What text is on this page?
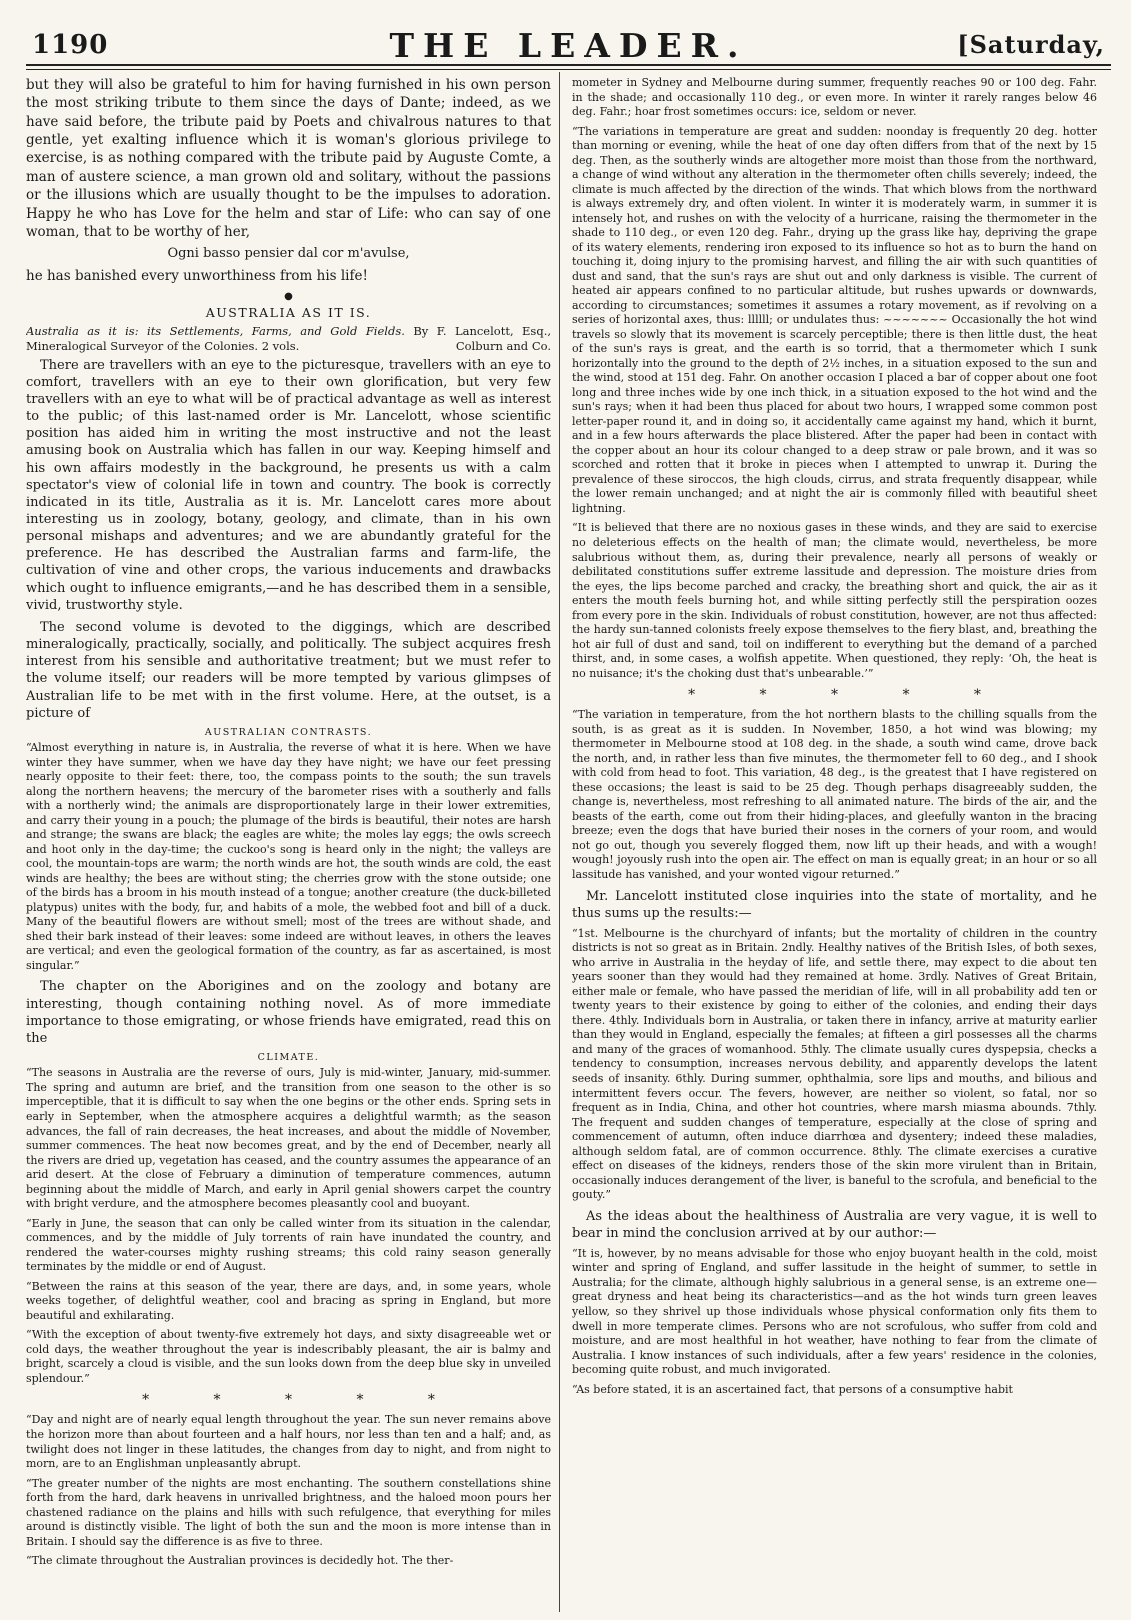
1190	THE LEADER.	[Saturday,

but they will also be grateful to him for having furnished in his own person the most striking tribute to them since the days of Dante; indeed, as we have said before, the tribute paid by Poets and chivalrous natures to that gentle, yet exalting influence which it is woman's glorious privilege to exercise, is as nothing compared with the tribute paid by Auguste Comte, a man of austere science, a man grown old and solitary, without the passions or the illusions which are usually thought to be the impulses to adoration. Happy he who has Love for the helm and star of Life: who can say of one woman, that to be worthy of her,

Ogni basso pensier dal cor m'avulse,

he has banished every unworthiness from his life!

●
AUSTRALIA AS IT IS.
Australia as it is: its Settlements, Farms, and Gold Fields. By F. Lancelott, Esq., Mineralogical Surveyor of the Colonies. 2 vols.	Colburn and Co.

There are travellers with an eye to the picturesque, travellers with an eye to comfort, travellers with an eye to their own glorification, but very few travellers with an eye to what will be of practical advantage as well as interest to the public; of this last-named order is Mr. Lancelott, whose scientific position has aided him in writing the most instructive and not the least amusing book on Australia which has fallen in our way. Keeping himself and his own affairs modestly in the background, he presents us with a calm spectator's view of colonial life in town and country. The book is correctly indicated in its title, Australia as it is. Mr. Lancelott cares more about interesting us in zoology, botany, geology, and climate, than in his own personal mishaps and adventures; and we are abundantly grateful for the preference. He has described the Australian farms and farm-life, the cultivation of vine and other crops, the various inducements and drawbacks which ought to influence emigrants,—and he has described them in a sensible, vivid, trustworthy style.

The second volume is devoted to the diggings, which are described mineralogically, practically, socially, and politically. The subject acquires fresh interest from his sensible and authoritative treatment; but we must refer to the volume itself; our readers will be more tempted by various glimpses of Australian life to be met with in the first volume. Here, at the outset, is a picture of

AUSTRALIAN CONTRASTS.

“Almost everything in nature is, in Australia, the reverse of what it is here. When we have winter they have summer, when we have day they have night; we have our feet pressing nearly opposite to their feet: there, too, the compass points to the south; the sun travels along the northern heavens; the mercury of the barometer rises with a southerly and falls with a northerly wind; the animals are disproportionately large in their lower extremities, and carry their young in a pouch; the plumage of the birds is beautiful, their notes are harsh and strange; the swans are black; the eagles are white; the moles lay eggs; the owls screech and hoot only in the day-time; the cuckoo's song is heard only in the night; the valleys are cool, the mountain-tops are warm; the north winds are hot, the south winds are cold, the east winds are healthy; the bees are without sting; the cherries grow with the stone outside; one of the birds has a broom in his mouth instead of a tongue; another creature (the duck-billeted platypus) unites with the body, fur, and habits of a mole, the webbed foot and bill of a duck. Many of the beautiful flowers are without smell; most of the trees are without shade, and shed their bark instead of their leaves: some indeed are without leaves, in others the leaves are vertical; and even the geological formation of the country, as far as ascertained, is most singular.”

The chapter on the Aborigines and on the zoology and botany are interesting, though containing nothing novel. As of more immediate importance to those emigrating, or whose friends have emigrated, read this on the

CLIMATE.

“The seasons in Australia are the reverse of ours, July is mid-winter, January, mid-summer. The spring and autumn are brief, and the transition from one season to the other is so imperceptible, that it is difficult to say when the one begins or the other ends. Spring sets in early in September, when the atmosphere acquires a delightful warmth; as the season advances, the fall of rain decreases, the heat increases, and about the middle of November, summer commences. The heat now becomes great, and by the end of December, nearly all the rivers are dried up, vegetation has ceased, and the country assumes the appearance of an arid desert. At the close of February a diminution of temperature commences, autumn beginning about the middle of March, and early in April genial showers carpet the country with bright verdure, and the atmosphere becomes pleasantly cool and buoyant.

“Early in June, the season that can only be called winter from its situation in the calendar, commences, and by the middle of July torrents of rain have inundated the country, and rendered the water-courses mighty rushing streams; this cold rainy season generally terminates by the middle or end of August.

“Between the rains at this season of the year, there are days, and, in some years, whole weeks together, of delightful weather, cool and bracing as spring in England, but more beautiful and exhilarating.

“With the exception of about twenty-five extremely hot days, and sixty disagreeable wet or cold days, the weather throughout the year is indescribably pleasant, the air is balmy and bright, scarcely a cloud is visible, and the sun looks down from the deep blue sky in unveiled splendour.”

* * * * *

“Day and night are of nearly equal length throughout the year. The sun never remains above the horizon more than about fourteen and a half hours, nor less than ten and a half; and, as twilight does not linger in these latitudes, the changes from day to night, and from night to morn, are to an Englishman unpleasantly abrupt.

“The greater number of the nights are most enchanting. The southern constellations shine forth from the hard, dark heavens in unrivalled brightness, and the haloed moon pours her chastened radiance on the plains and hills with such refulgence, that everything for miles around is distinctly visible. The light of both the sun and the moon is more intense than in Britain. I should say the difference is as five to three.

“The climate throughout the Australian provinces is decidedly hot. The ther-

mometer in Sydney and Melbourne during summer, frequently reaches 90 or 100 deg. Fahr. in the shade; and occasionally 110 deg., or even more. In winter it rarely ranges below 46 deg. Fahr.; hoar frost sometimes occurs: ice, seldom or never.

“The variations in temperature are great and sudden: noonday is frequently 20 deg. hotter than morning or evening, while the heat of one day often differs from that of the next by 15 deg. Then, as the southerly winds are altogether more moist than those from the northward, a change of wind without any alteration in the thermometer often chills severely; indeed, the climate is much affected by the direction of the winds. That which blows from the northward is always extremely dry, and often violent. In winter it is moderately warm, in summer it is intensely hot, and rushes on with the velocity of a hurricane, raising the thermometer in the shade to 110 deg., or even 120 deg. Fahr., drying up the grass like hay, depriving the grape of its watery elements, rendering iron exposed to its influence so hot as to burn the hand on touching it, doing injury to the promising harvest, and filling the air with such quantities of dust and sand, that the sun's rays are shut out and only darkness is visible. The current of heated air appears confined to no particular altitude, but rushes upwards or downwards, according to circumstances; sometimes it assumes a rotary movement, as if revolving on a series of horizontal axes, thus: llllll; or undulates thus: ~~~~~~~ Occasionally the hot wind travels so slowly that its movement is scarcely perceptible; there is then little dust, the heat of the sun's rays is great, and the earth is so torrid, that a thermometer which I sunk horizontally into the ground to the depth of 2½ inches, in a situation exposed to the sun and the wind, stood at 151 deg. Fahr. On another occasion I placed a bar of copper about one foot long and three inches wide by one inch thick, in a situation exposed to the hot wind and the sun's rays; when it had been thus placed for about two hours, I wrapped some common post letter-paper round it, and in doing so, it accidentally came against my hand, which it burnt, and in a few hours afterwards the place blistered. After the paper had been in contact with the copper about an hour its colour changed to a deep straw or pale brown, and it was so scorched and rotten that it broke in pieces when I attempted to unwrap it. During the prevalence of these siroccos, the high clouds, cirrus, and strata frequently disappear, while the lower remain unchanged; and at night the air is commonly filled with beautiful sheet lightning.

“It is believed that there are no noxious gases in these winds, and they are said to exercise no deleterious effects on the health of man; the climate would, nevertheless, be more salubrious without them, as, during their prevalence, nearly all persons of weakly or debilitated constitutions suffer extreme lassitude and depression. The moisture dries from the eyes, the lips become parched and cracky, the breathing short and quick, the air as it enters the mouth feels burning hot, and while sitting perfectly still the perspiration oozes from every pore in the skin. Individuals of robust constitution, however, are not thus affected: the hardy sun-tanned colonists freely expose themselves to the fiery blast, and, breathing the hot air full of dust and sand, toil on indifferent to everything but the demand of a parched thirst, and, in some cases, a wolfish appetite. When questioned, they reply: ‘Oh, the heat is no nuisance; it's the choking dust that's unbearable.’”

* * * * *

“The variation in temperature, from the hot northern blasts to the chilling squalls from the south, is as great as it is sudden. In November, 1850, a hot wind was blowing; my thermometer in Melbourne stood at 108 deg. in the shade, a south wind came, drove back the north, and, in rather less than five minutes, the thermometer fell to 60 deg., and I shook with cold from head to foot. This variation, 48 deg., is the greatest that I have registered on these occasions; the least is said to be 25 deg. Though perhaps disagreeably sudden, the change is, nevertheless, most refreshing to all animated nature. The birds of the air, and the beasts of the earth, come out from their hiding-places, and gleefully wanton in the bracing breeze; even the dogs that have buried their noses in the corners of your room, and would not go out, though you severely flogged them, now lift up their heads, and with a wough! wough! joyously rush into the open air. The effect on man is equally great; in an hour or so all lassitude has vanished, and your wonted vigour returned.”

Mr. Lancelott instituted close inquiries into the state of mortality, and he thus sums up the results:—

“1st. Melbourne is the churchyard of infants; but the mortality of children in the country districts is not so great as in Britain. 2ndly. Healthy natives of the British Isles, of both sexes, who arrive in Australia in the heyday of life, and settle there, may expect to die about ten years sooner than they would had they remained at home. 3rdly. Natives of Great Britain, either male or female, who have passed the meridian of life, will in all probability add ten or twenty years to their existence by going to either of the colonies, and ending their days there. 4thly. Individuals born in Australia, or taken there in infancy, arrive at maturity earlier than they would in England, especially the females; at fifteen a girl possesses all the charms and many of the graces of womanhood. 5thly. The climate usually cures dyspepsia, checks a tendency to consumption, increases nervous debility, and apparently develops the latent seeds of insanity. 6thly. During summer, ophthalmia, sore lips and mouths, and bilious and intermittent fevers occur. The fevers, however, are neither so violent, so fatal, nor so frequent as in India, China, and other hot countries, where marsh miasma abounds. 7thly. The frequent and sudden changes of temperature, especially at the close of spring and commencement of autumn, often induce diarrhœa and dysentery; indeed these maladies, although seldom fatal, are of common occurrence. 8thly. The climate exercises a curative effect on diseases of the kidneys, renders those of the skin more virulent than in Britain, occasionally induces derangement of the liver, is baneful to the scrofula, and beneficial to the gouty.”

As the ideas about the healthiness of Australia are very vague, it is well to bear in mind the conclusion arrived at by our author:—

“It is, however, by no means advisable for those who enjoy buoyant health in the cold, moist winter and spring of England, and suffer lassitude in the height of summer, to settle in Australia; for the climate, although highly salubrious in a general sense, is an extreme one—great dryness and heat being its characteristics—and as the hot winds turn green leaves yellow, so they shrivel up those individuals whose physical conformation only fits them to dwell in more temperate climes. Persons who are not scrofulous, who suffer from cold and moisture, and are most healthful in hot weather, have nothing to fear from the climate of Australia. I know instances of such individuals, after a few years' residence in the colonies, becoming quite robust, and much invigorated.

“As before stated, it is an ascertained fact, that persons of a consumptive habit
